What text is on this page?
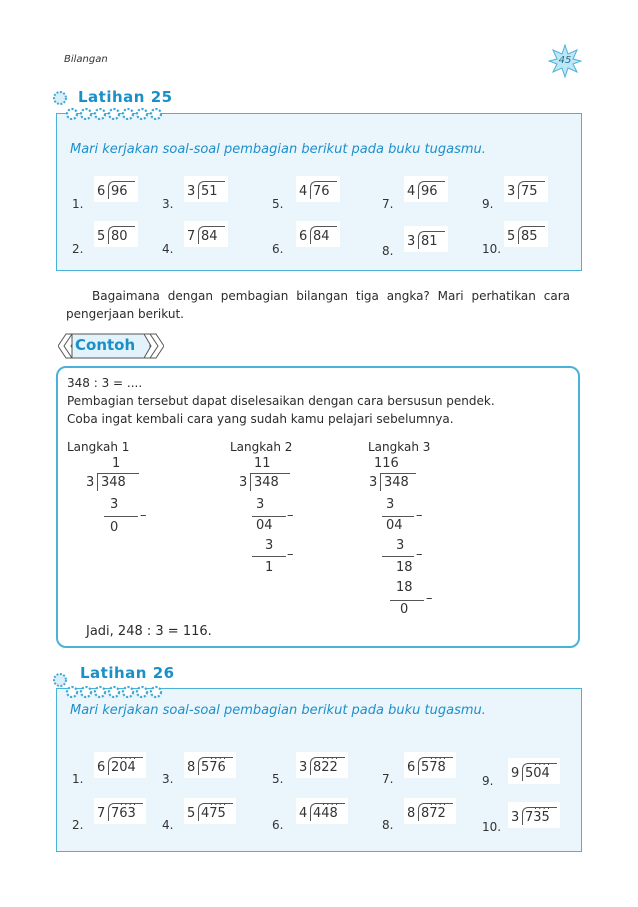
Bilangan	45
Latihan 25
Mari kerjakan soal-soal pembagian berikut pada buku tugasmu.
1.
6 96
3.
3 51
5.
4 76
7.
4 96
9.
3 75
2.
5 80
4.
7 84
6.
6 84
8.
3 81	10.
5 85
Bagaimana dengan pembagian bilangan tiga angka? Mari perhatikan cara pengerjaan berikut.
Contoh
348 : 3 = ....
Pembagian tersebut dapat diselesaikan dengan cara bersusun pendek.
Coba ingat kembali cara yang sudah kamu pelajari sebelumnya.
Langkah 1
1
3 348
3
–
0
Langkah 2
11
3 348
3
–
04
3
–
1
Langkah 3
116
3 348
3
–
04
3
–
18
18
–
0
Jadi, 248 : 3 = 116.
Latihan 26
Mari kerjakan soal-soal pembagian berikut pada buku tugasmu.
1.
6 204
....
3.
8 576
....
5.
3 822
....
7.
6 578
....
9. 9 504
....
2.
7 763
....
4.
5 475
....
6.
4 448
....
8.
8 872
....
10.
3 735
....
